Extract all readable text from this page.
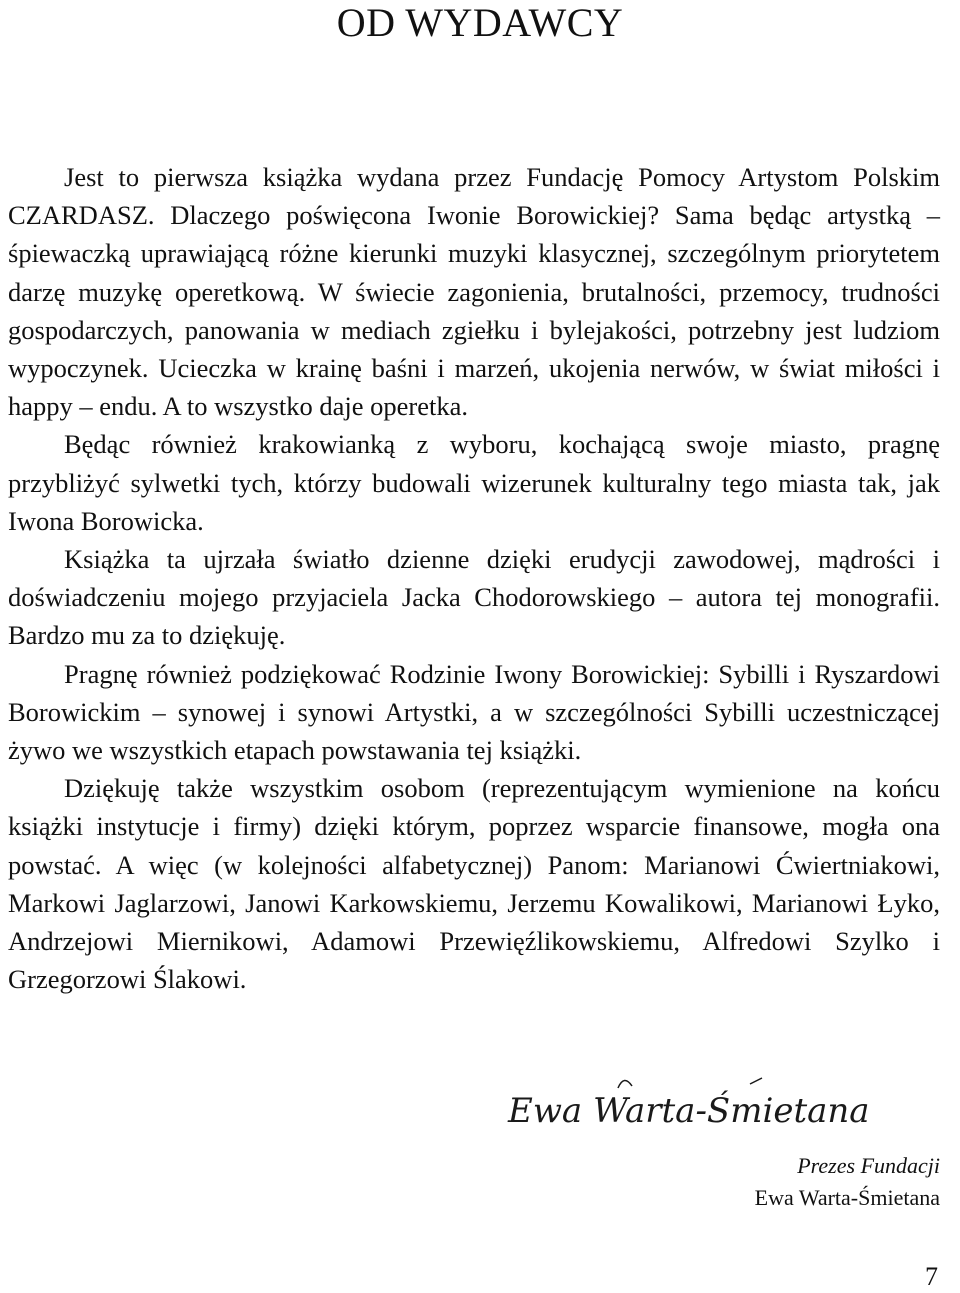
OD WYDAWCY

Jest to pierwsza książka wydana przez Fundację Pomocy Artystom Polskim CZARDASZ. Dlaczego poświęcona Iwonie Borowickiej? Sama będąc artystką – śpiewaczką uprawiającą różne kierunki muzyki klasycznej, szczególnym priorytetem darzę muzykę operetkową. W świecie zagonienia, brutalności, przemocy, trudności gospodarczych, panowania w mediach zgiełku i bylejakości, potrzebny jest ludziom wypoczynek. Ucieczka w krainę baśni i marzeń, ukojenia nerwów, w świat miłości i happy – endu. A to wszystko daje operetka.

Będąc również krakowianką z wyboru, kochającą swoje miasto, pragnę przybliżyć sylwetki tych, którzy budowali wizerunek kulturalny tego miasta tak, jak Iwona Borowicka.

Książka ta ujrzała światło dzienne dzięki erudycji zawodowej, mądrości i doświadczeniu mojego przyjaciela Jacka Chodorowskiego – autora tej monografii. Bardzo mu za to dziękuję.

Pragnę również podziękować Rodzinie Iwony Borowickiej: Sybilli i Ryszardowi Borowickim – synowej i synowi Artystki, a w szczególności Sybilli uczestniczącej żywo we wszystkich etapach powstawania tej książki.

Dziękuję także wszystkim osobom (reprezentującym wymienione na końcu książki instytucje i firmy) dzięki którym, poprzez wsparcie finansowe, mogła ona powstać. A więc (w kolejności alfabetycznej) Panom: Marianowi Ćwiertniakowi, Markowi Jaglarzowi, Janowi Karkowskiemu, Jerzemu Kowalikowi, Marianowi Łyko, Andrzejowi Miernikowi, Adamowi Przewięźlikowskiemu, Alfredowi Szylko i Grzegorzowi Ślakowi.

Ewa Warta-Śmietana
Prezes Fundacji
Ewa Warta-Śmietana
7
